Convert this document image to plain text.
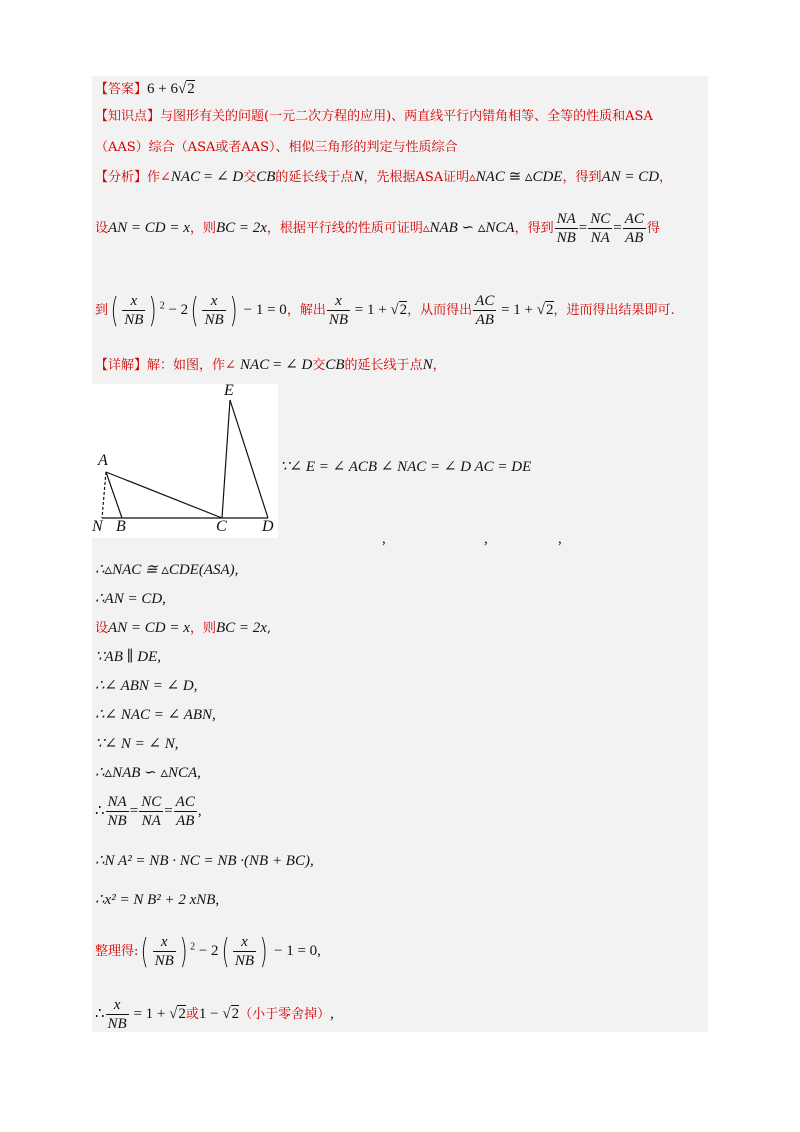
【答案】6 + 6√2
【知识点】与图形有关的问题(一元二次方程的应用)、两直线平行内错角相等、全等的性质和ASA
（AAS）综合（ASA或者AAS）、相似三角形的判定与性质综合
【分析】作∠NAC = ∠ D交CB的延长线于点N，先根据ASA证明▵NAC ≅ ▵CDE，得到AN = CD，
设AN = CD = x，则BC = 2x，根据平行线的性质可证明▵NAB ∽ ▵NCA，得到 $\frac{NA}{NB} = \frac{NC}{NA} = \frac{AC}{AB}$ 得
到( $\frac{x}{NB}$ ) $^2 - 2( \frac{x}{NB}$ ) − 1 = 0，解出 $\frac{x}{NB} = 1 + √2$，从而得出 $\frac{AC}{AB} = 1 + √2$，进而得出结果即可.
【详解】解：如图，作∠ NAC = ∠ D交CB的延长线于点N，
E
A
N B	C D
∵∠ E = ∠ ACB ∠ NAC = ∠ D AC = DE
,	,	,
∴▵NAC ≅ ▵CDE(ASA),
∴AN = CD,
设AN = CD = x，则BC = 2x,
∵AB ∥ DE,
∴∠ ABN = ∠ D,
∴∠ NAC = ∠ ABN,
∵∠ N = ∠ N,
∴▵NAB ∽ ▵NCA,
∴ $\frac{NA}{NB} = \frac{NC}{NA} = \frac{AC}{AB}$ ,
∴N A² = NB · NC = NB ·(NB + BC),
∴x² = N B² + 2 xNB,
整理得:( $\frac{x}{NB}$ ) $^2 - 2( \frac{x}{NB}$ ) − 1 = 0,
∴ $\frac{x}{NB} = 1 + √2$或1 − √2（小于零舍掉）,
